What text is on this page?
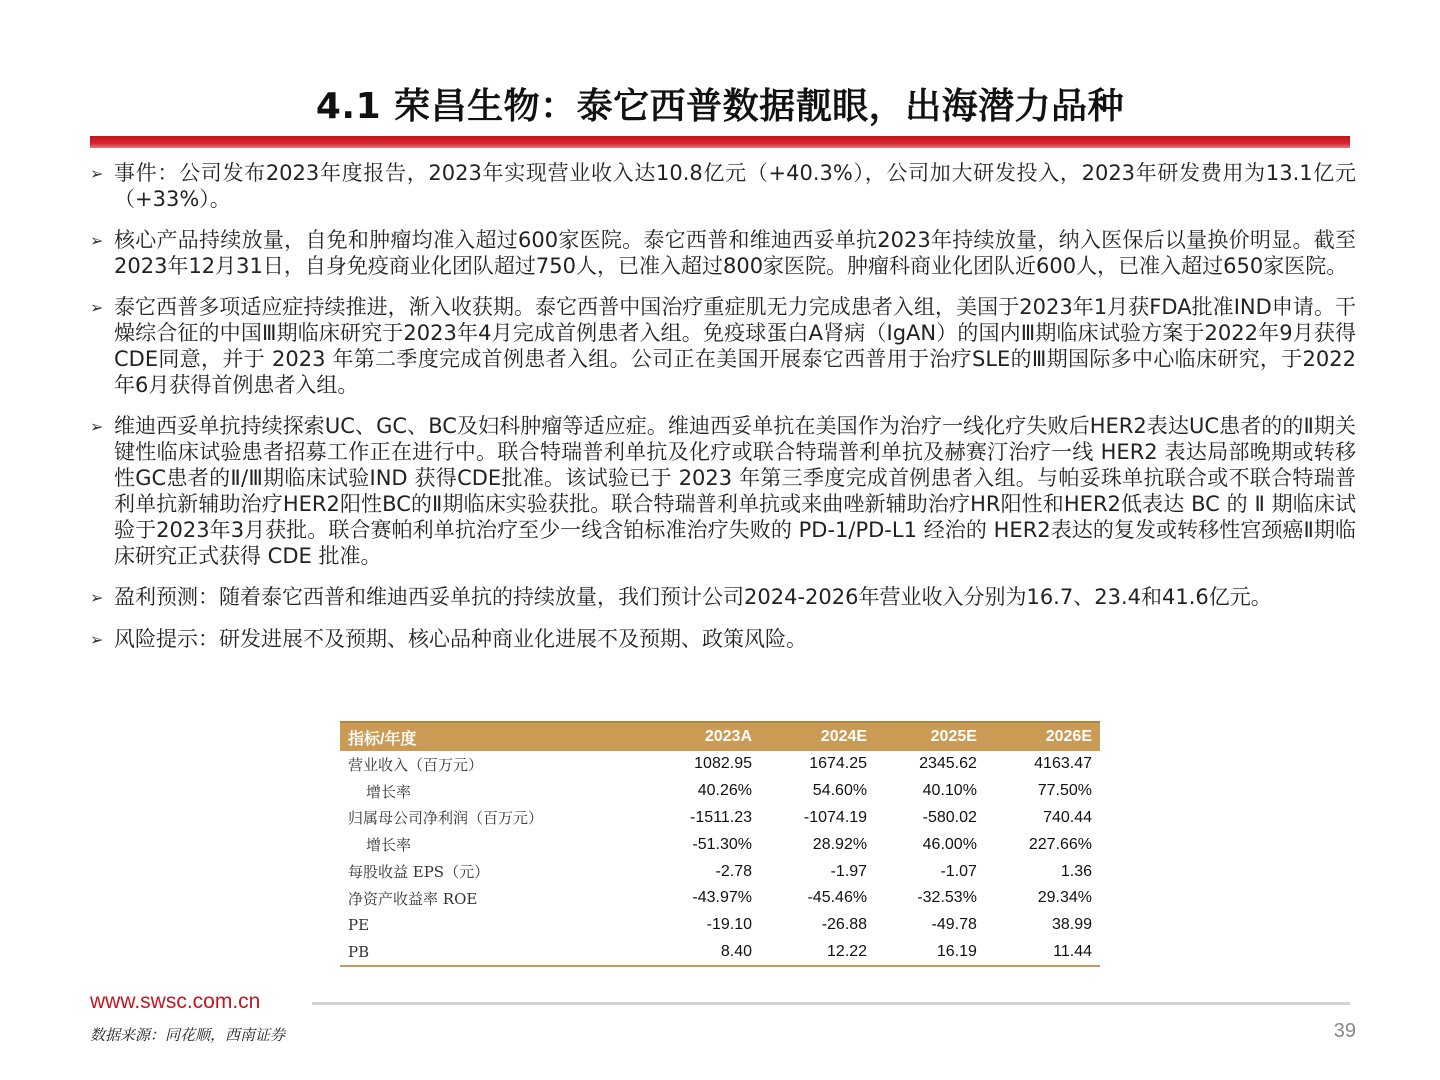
4.1 荣昌生物：泰它西普数据靓眼，出海潜力品种
➢ 事件：公司发布2023年度报告，2023年实现营业收入达10.8亿元（+40.3%），公司加大研发投入，2023年研发费用为13.1亿元（+33%）。
➢ 核心产品持续放量，自免和肿瘤均准入超过600家医院。泰它西普和维迪西妥单抗2023年持续放量，纳入医保后以量换价明显。截至2023年12月31日，自身免疫商业化团队超过750人，已准入超过800家医院。肿瘤科商业化团队近600人，已准入超过650家医院。
➢ 泰它西普多项适应症持续推进，渐入收获期。泰它西普中国治疗重症肌无力完成患者入组，美国于2023年1月获FDA批准IND申请。干燥综合征的中国Ⅲ期临床研究于2023年4月完成首例患者入组。免疫球蛋白A肾病（IgAN）的国内Ⅲ期临床试验方案于2022年9月获得CDE同意，并于 2023 年第二季度完成首例患者入组。公司正在美国开展泰它西普用于治疗SLE的Ⅲ期国际多中心临床研究，于2022 年6月获得首例患者入组。
➢ 维迪西妥单抗持续探索UC、GC、BC及妇科肿瘤等适应症。维迪西妥单抗在美国作为治疗一线化疗失败后HER2表达UC患者的的Ⅱ期关键性临床试验患者招募工作正在进行中。联合特瑞普利单抗及化疗或联合特瑞普利单抗及赫赛汀治疗一线 HER2 表达局部晚期或转移性GC患者的Ⅱ/Ⅲ期临床试验IND 获得CDE批准。该试验已于 2023 年第三季度完成首例患者入组。与帕妥珠单抗联合或不联合特瑞普利单抗新辅助治疗HER2阳性BC的Ⅱ期临床实验获批。联合特瑞普利单抗或来曲唑新辅助治疗HR阳性和HER2低表达 BC 的 Ⅱ 期临床试验于2023年3月获批。联合赛帕利单抗治疗至少一线含铂标准治疗失败的 PD-1/PD-L1 经治的 HER2表达的复发或转移性宫颈癌Ⅱ期临床研究正式获得 CDE 批准。
➢ 盈利预测：随着泰它西普和维迪西妥单抗的持续放量，我们预计公司2024-2026年营业收入分别为16.7、23.4和41.6亿元。
➢ 风险提示：研发进展不及预期、核心品种商业化进展不及预期、政策风险。
指标/年度	2023A	2024E	2025E	2026E
营业收入（百万元）	1082.95	1674.25	2345.62	4163.47
增长率	40.26%	54.60%	40.10%	77.50%
归属母公司净利润（百万元）	-1511.23	-1074.19	-580.02	740.44
增长率	-51.30%	28.92%	46.00%	227.66%
每股收益 EPS（元）	-2.78	-1.97	-1.07	1.36
净资产收益率 ROE	-43.97%	-45.46%	-32.53%	29.34%
PE	-19.10	-26.88	-49.78	38.99
PB	8.40	12.22	16.19	11.44
www.swsc.com.cn
数据来源：同花顺，西南证券	39
